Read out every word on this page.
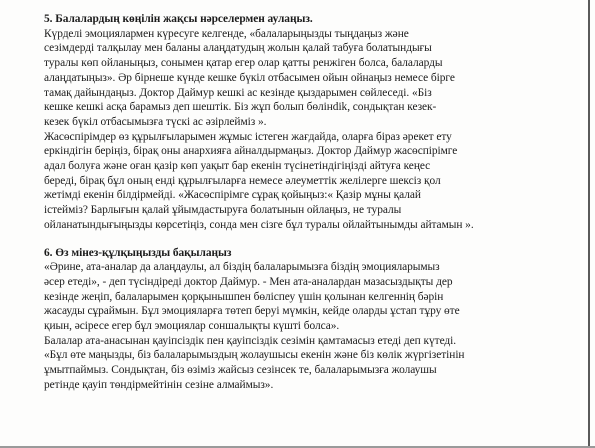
5. Балалардың көңілін жақсы нәрселермен аулаңыз.
Күрделі эмоциялармен күресуге келгенде, «балаларыңызды тыңдаңыз және
сезімдерді талқылау мен баланы алаңдатудың жолын қалай табуға болатындығы
туралы көп ойланыңыз, сонымен қатар егер олар қатты ренжіген болса, балаларды
алаңдатыңыз». Әр бірнеше күнде кешке бүкіл отбасымен ойын ойнаңыз немесе бірге
тамақ дайындаңыз. Доктор Даймур кешкі ас кезінде қыздарымен сөйлеседі. «Біз
кешке кешкі асқа барамыз деп шештік. Біз жұп болып бөлінdik, сондықтан кезек-
кезек бүкіл отбасымызға түскі ас әзірлейміз ».
Жасөспірімдер өз құрылғыларымен жұмыс істеген жағдайда, оларға біраз әрекет ету
еркіндігін беріңіз, бірақ оны анархияға айналдырмаңыз. Доктор Даймур жасөспірімге
адал болуға және оған қазір көп уақыт бар екенін түсінетіндігіңізді айтуға кеңес
береді, бірақ бұл оның енді құрылғыларға немесе әлеуметтік желілерге шексіз қол
жетімді екенін білдірмейді. «Жасөспірімге сұрақ қойыңыз:« Қазір мұны қалай
істейміз? Барлығын қалай ұйымдастыруға болатынын ойлаңыз, не туралы
ойланатындығыңызды көрсетіңіз, сонда мен сізге бұл туралы ойлайтынымды айтамын ».
6. Өз мінез-құлқыңызды бақылаңыз
«Әрине, ата-аналар да алаңдаулы, ал біздің балаларымызға біздің эмоцияларымыз
әсер етеді», - деп түсіндіреді доктор Даймур. - Мен ата-аналардан мазасыздықты дер
кезінде жеңіп, балаларымен қорқынышпен бөліспеу үшін қолынан келгеннің бәрін
жасауды сұраймын. Бұл эмоцияларға төтеп беруі мүмкін, кейде оларды ұстап тұру өте
қиын, әсіресе егер бұл эмоциялар соншалықты күшті болса».
Балалар ата-анасынан қауіпсіздік пен қауіпсіздік сезімін қамтамасыз етеді деп күтеді.
«Бұл өте маңызды, біз балаларымыздың жолаушысы екенін және біз көлік жүргізетінін
ұмытпаймыз. Сондықтан, біз өзіміз жайсыз сезінсек те, балаларымызға жолаушы
ретінде қауіп төндірмейтінін сезіне алмаймыз».
